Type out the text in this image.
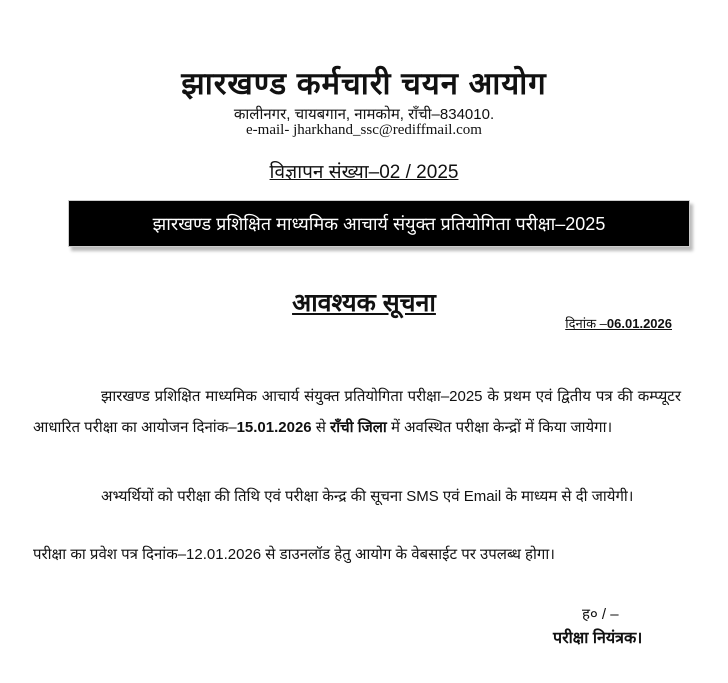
झारखण्ड कर्मचारी चयन आयोग
कालीनगर, चायबगान, नामकोम, राँची–834010.
e-mail- jharkhand_ssc@rediffmail.com
विज्ञापन संख्या–02 / 2025
झारखण्ड प्रशिक्षित माध्यमिक आचार्य संयुक्त प्रतियोगिता परीक्षा–2025
आवश्यक सूचना
दिनांक –06.01.2026
झारखण्ड प्रशिक्षित माध्यमिक आचार्य संयुक्त प्रतियोगिता परीक्षा–2025 के प्रथम एवं द्वितीय पत्र की कम्प्यूटर आधारित परीक्षा का आयोजन दिनांक–15.01.2026 से राँची जिला में अवस्थित परीक्षा केन्द्रों में किया जायेगा।
अभ्यर्थियों को परीक्षा की तिथि एवं परीक्षा केन्द्र की सूचना SMS एवं Email के माध्यम से दी जायेगी।
परीक्षा का प्रवेश पत्र दिनांक–12.01.2026 से डाउनलॉड हेतु आयोग के वेबसाईट पर उपलब्ध होगा।
ह० / –
परीक्षा नियंत्रक।
